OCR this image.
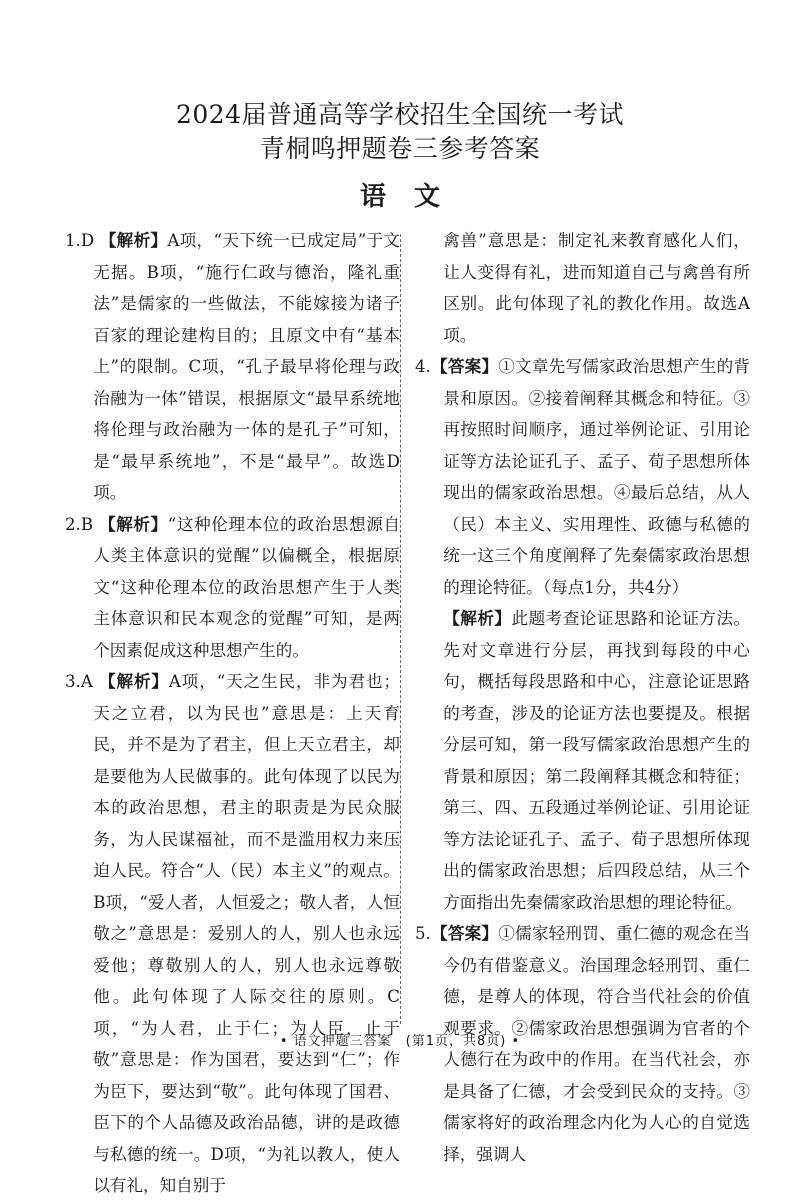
2024届普通高等学校招生全国统一考试
青桐鸣押题卷三参考答案
语文

1.D 【解析】A项，“天下统一已成定局”于文无据。B项，“施行仁政与德治，隆礼重法”是儒家的一些做法，不能嫁接为诸子百家的理论建构目的；且原文中有“基本上”的限制。C项，“孔子最早将伦理与政治融为一体”错误，根据原文“最早系统地将伦理与政治融为一体的是孔子”可知，是“最早系统地”，不是“最早”。故选D项。

2.B 【解析】“这种伦理本位的政治思想源自人类主体意识的觉醒”以偏概全，根据原文“这种伦理本位的政治思想产生于人类主体意识和民本观念的觉醒”可知，是两个因素促成这种思想产生的。

3.A 【解析】A项，“天之生民，非为君也；天之立君，以为民也”意思是：上天育民，并不是为了君主，但上天立君主，却是要他为人民做事的。此句体现了以民为本的政治思想，君主的职责是为民众服务，为人民谋福祉，而不是滥用权力来压迫人民。符合“人（民）本主义”的观点。B项，“爱人者，人恒爱之；敬人者，人恒敬之”意思是：爱别人的人，别人也永远爱他；尊敬别人的人，别人也永远尊敬他。此句体现了人际交往的原则。C项，“为人君，止于仁；为人臣，止于敬”意思是：作为国君，要达到“仁”；作为臣下，要达到“敬”。此句体现了国君、臣下的个人品德及政治品德，讲的是政德与私德的统一。D项，“为礼以教人，使人以有礼，知自别于

禽兽”意思是：制定礼来教育感化人们，让人变得有礼，进而知道自己与禽兽有所区别。此句体现了礼的教化作用。故选A项。

4.【答案】①文章先写儒家政治思想产生的背景和原因。②接着阐释其概念和特征。③再按照时间顺序，通过举例论证、引用论证等方法论证孔子、孟子、荀子思想所体现出的儒家政治思想。④最后总结，从人（民）本主义、实用理性、政德与私德的统一这三个角度阐释了先秦儒家政治思想的理论特征。（每点1分，共4分）

【解析】此题考查论证思路和论证方法。先对文章进行分层，再找到每段的中心句，概括每段思路和中心，注意论证思路的考查，涉及的论证方法也要提及。根据分层可知，第一段写儒家政治思想产生的背景和原因；第二段阐释其概念和特征；第三、四、五段通过举例论证、引用论证等方法论证孔子、孟子、荀子思想所体现出的儒家政治思想；后四段总结，从三个方面指出先秦儒家政治思想的理论特征。

5.【答案】①儒家轻刑罚、重仁德的观念在当今仍有借鉴意义。治国理念轻刑罚、重仁德，是尊人的体现，符合当代社会的价值观要求。②儒家政治思想强调为官者的个人德行在为政中的作用。在当代社会，亦是具备了仁德，才会受到民众的支持。③儒家将好的政治理念内化为人心的自觉选择，强调人

• 语文押题三答案　(第1页，共8页) •
